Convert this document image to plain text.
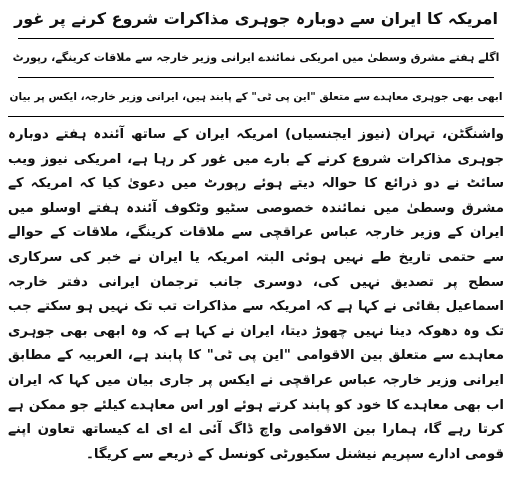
امریکہ کا ایران سے دوبارہ جوہری مذاکرات شروع کرنے پر غور
اگلے ہفتے مشرق وسطیٰ میں امریکی نمائندے ایرانی وزیر خارجہ سے ملاقات کرینگے، رپورٹ
ابھی بھی جوہری معاہدے سے متعلق "این پی ٹی" کے پابند ہیں، ایرانی وزیر خارجہ، ایکس پر بیان
واشنگٹن، تہران (نیوز ایجنسیاں) امریکہ ایران کے ساتھ آئندہ ہفتے دوبارہ جوہری مذاکرات شروع کرنے کے بارے میں غور کر رہا ہے، امریکی نیوز ویب سائٹ نے دو ذرائع کا حوالہ دیتے ہوئے رپورٹ میں دعویٰ کیا کہ امریکہ کے مشرق وسطیٰ میں نمائندہ خصوصی سٹیو وٹکوف آئندہ ہفتے اوسلو میں ایران کے وزیر خارجہ عباس عراقچی سے ملاقات کرینگے، ملاقات کے حوالے سے حتمی تاریخ طے نہیں ہوئی البتہ امریکہ یا ایران نے خبر کی سرکاری سطح پر تصدیق نہیں کی، دوسری جانب ترجمان ایرانی دفتر خارجہ اسماعیل بقائی نے کہا ہے کہ امریکہ سے مذاکرات تب تک نہیں ہو سکتے جب تک وہ دھوکہ دینا نہیں چھوڑ دیتا، ایران نے کہا ہے کہ وہ ابھی بھی جوہری معاہدے سے متعلق بین الاقوامی "این پی ٹی" کا پابند ہے، العربیہ کے مطابق ایرانی وزیر خارجہ عباس عراقچی نے ایکس پر جاری بیان میں کہا کہ ایران اب بھی معاہدے کا خود کو پابند کرتے ہوئے اور اس معاہدے کیلئے جو ممکن ہے کرتا رہے گا، ہمارا بین الاقوامی واچ ڈاگ آئی اے ای اے کیساتھ تعاون اپنے قومی ادارے سپریم نیشنل سکیورٹی کونسل کے ذریعے سے کریگا۔
